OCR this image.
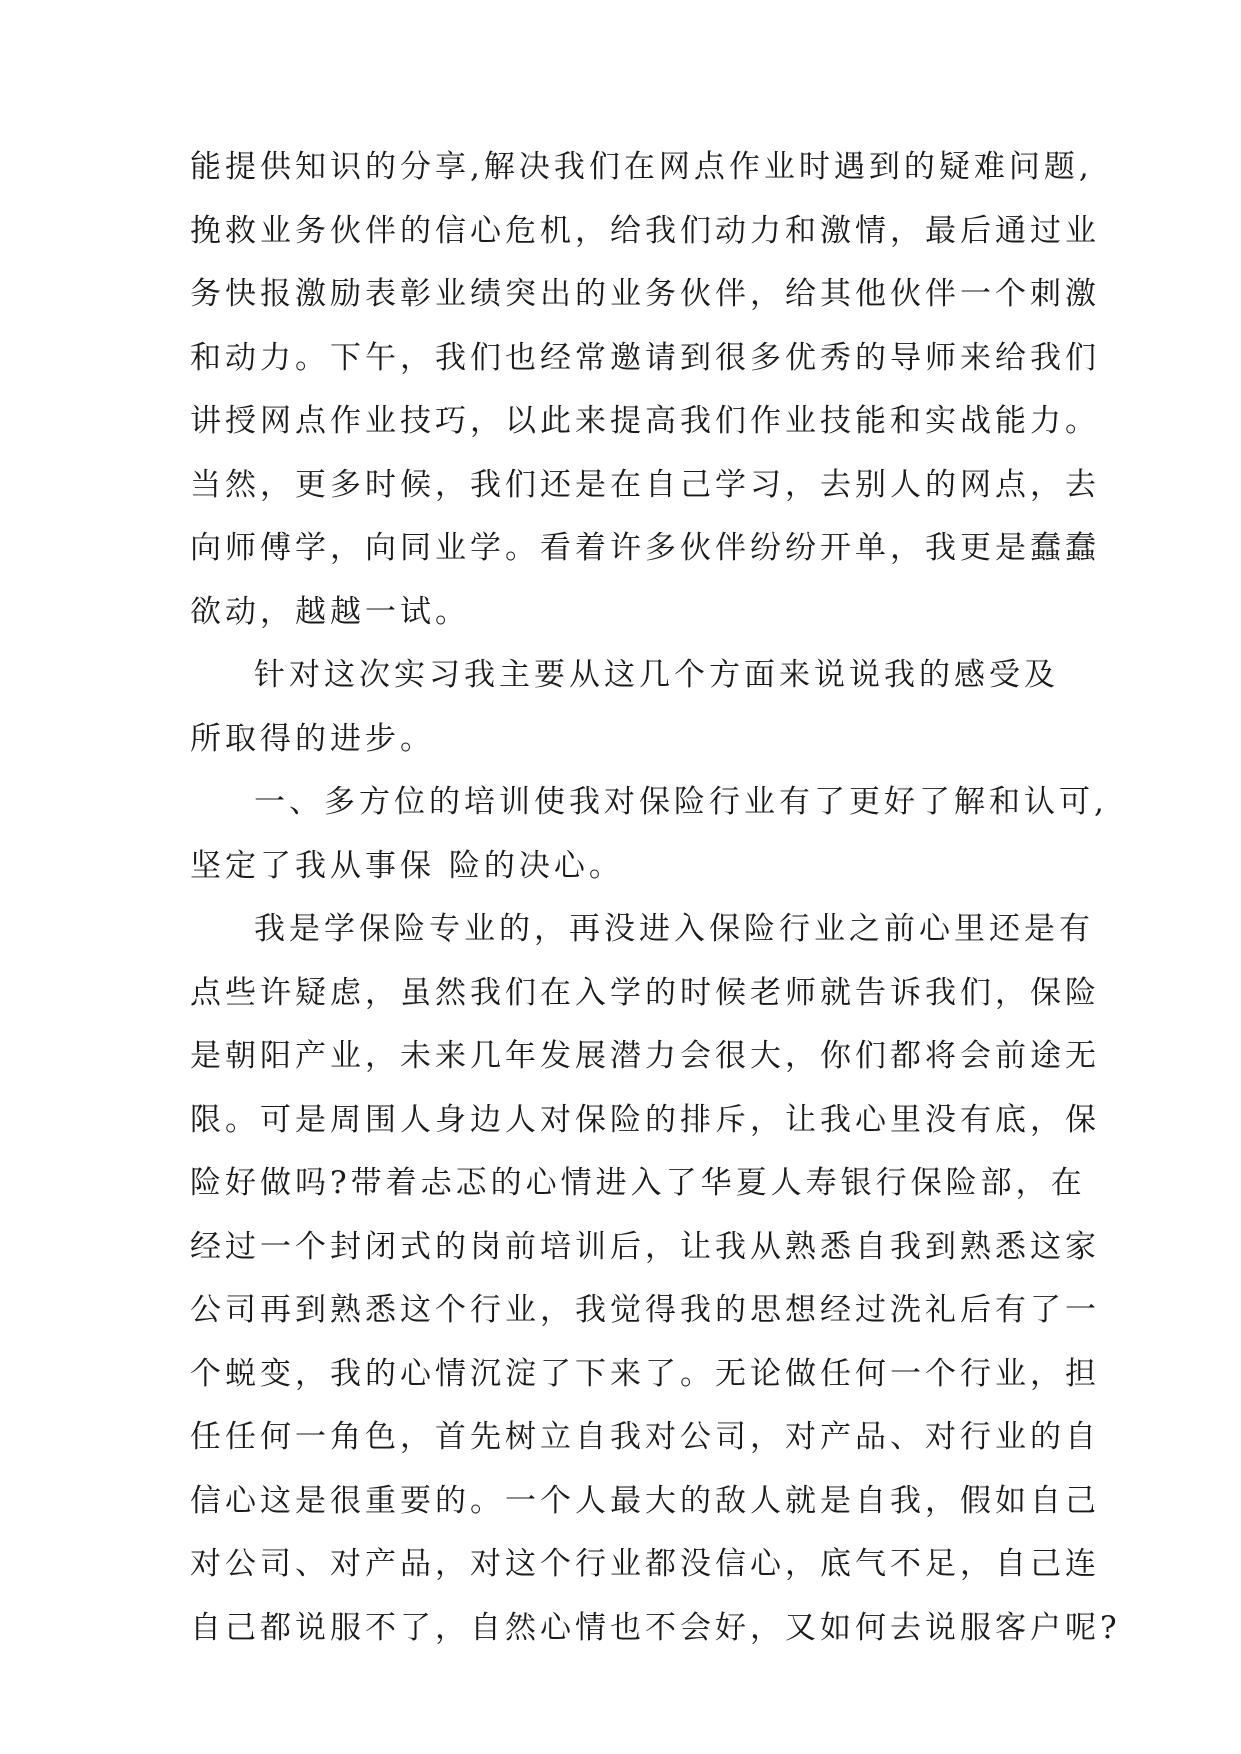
能提供知识的分享,解决我们在网点作业时遇到的疑难问题,
挽救业务伙伴的信心危机，给我们动力和激情，最后通过业
务快报激励表彰业绩突出的业务伙伴，给其他伙伴一个刺激
和动力。下午，我们也经常邀请到很多优秀的导师来给我们
讲授网点作业技巧，以此来提高我们作业技能和实战能力。
当然，更多时候，我们还是在自己学习，去别人的网点，去
向师傅学，向同业学。看着许多伙伴纷纷开单，我更是蠢蠢
欲动，越越一试。
针对这次实习我主要从这几个方面来说说我的感受及
所取得的进步。
一、多方位的培训使我对保险行业有了更好了解和认可,
坚定了我从事保 险的决心。
我是学保险专业的，再没进入保险行业之前心里还是有
点些许疑虑，虽然我们在入学的时候老师就告诉我们，保险
是朝阳产业，未来几年发展潜力会很大，你们都将会前途无
限。可是周围人身边人对保险的排斥，让我心里没有底，保
险好做吗?带着忐忑的心情进入了华夏人寿银行保险部，在
经过一个封闭式的岗前培训后，让我从熟悉自我到熟悉这家
公司再到熟悉这个行业，我觉得我的思想经过洗礼后有了一
个蜕变，我的心情沉淀了下来了。无论做任何一个行业，担
任任何一角色，首先树立自我对公司，对产品、对行业的自
信心这是很重要的。一个人最大的敌人就是自我，假如自己
对公司、对产品，对这个行业都没信心，底气不足，自己连
自己都说服不了，自然心情也不会好，又如何去说服客户呢?
